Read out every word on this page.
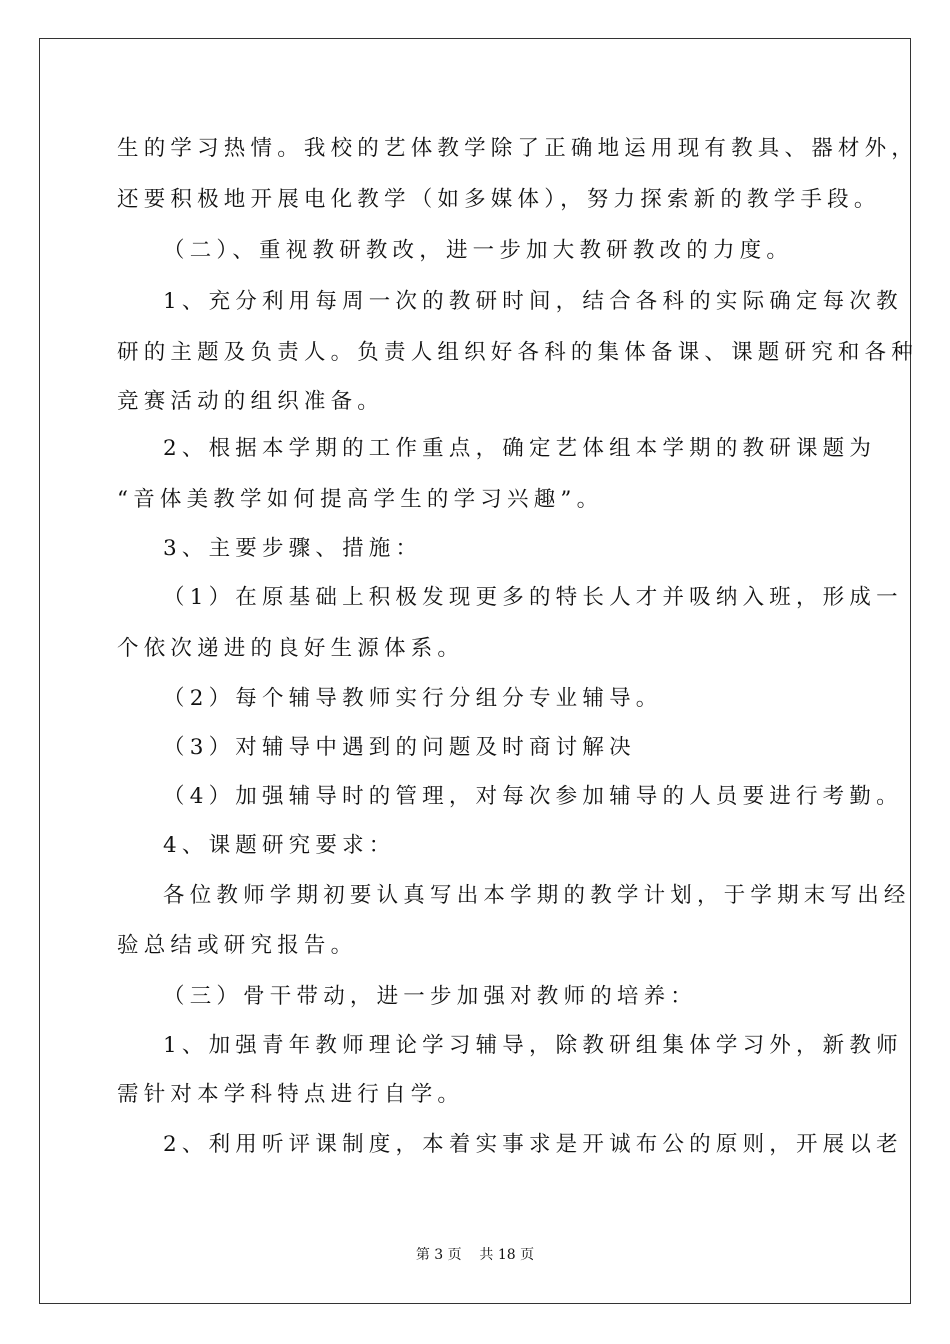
生的学习热情。我校的艺体教学除了正确地运用现有教具、器材外，
还要积极地开展电化教学（如多媒体），努力探索新的教学手段。
（二）、重视教研教改，进一步加大教研教改的力度。
1、充分利用每周一次的教研时间，结合各科的实际确定每次教
研的主题及负责人。负责人组织好各科的集体备课、课题研究和各种
竞赛活动的组织准备。
2、根据本学期的工作重点，确定艺体组本学期的教研课题为
“音体美教学如何提高学生的学习兴趣”。
3、主要步骤、措施：
（1）在原基础上积极发现更多的特长人才并吸纳入班，形成一
个依次递进的良好生源体系。
（2）每个辅导教师实行分组分专业辅导。
（3）对辅导中遇到的问题及时商讨解决
（4）加强辅导时的管理，对每次参加辅导的人员要进行考勤。
4、课题研究要求：
各位教师学期初要认真写出本学期的教学计划，于学期末写出经
验总结或研究报告。
（三）骨干带动，进一步加强对教师的培养：
1、加强青年教师理论学习辅导，除教研组集体学习外，新教师
需针对本学科特点进行自学。
2、利用听评课制度，本着实事求是开诚布公的原则，开展以老
第 3 页    共 18 页
